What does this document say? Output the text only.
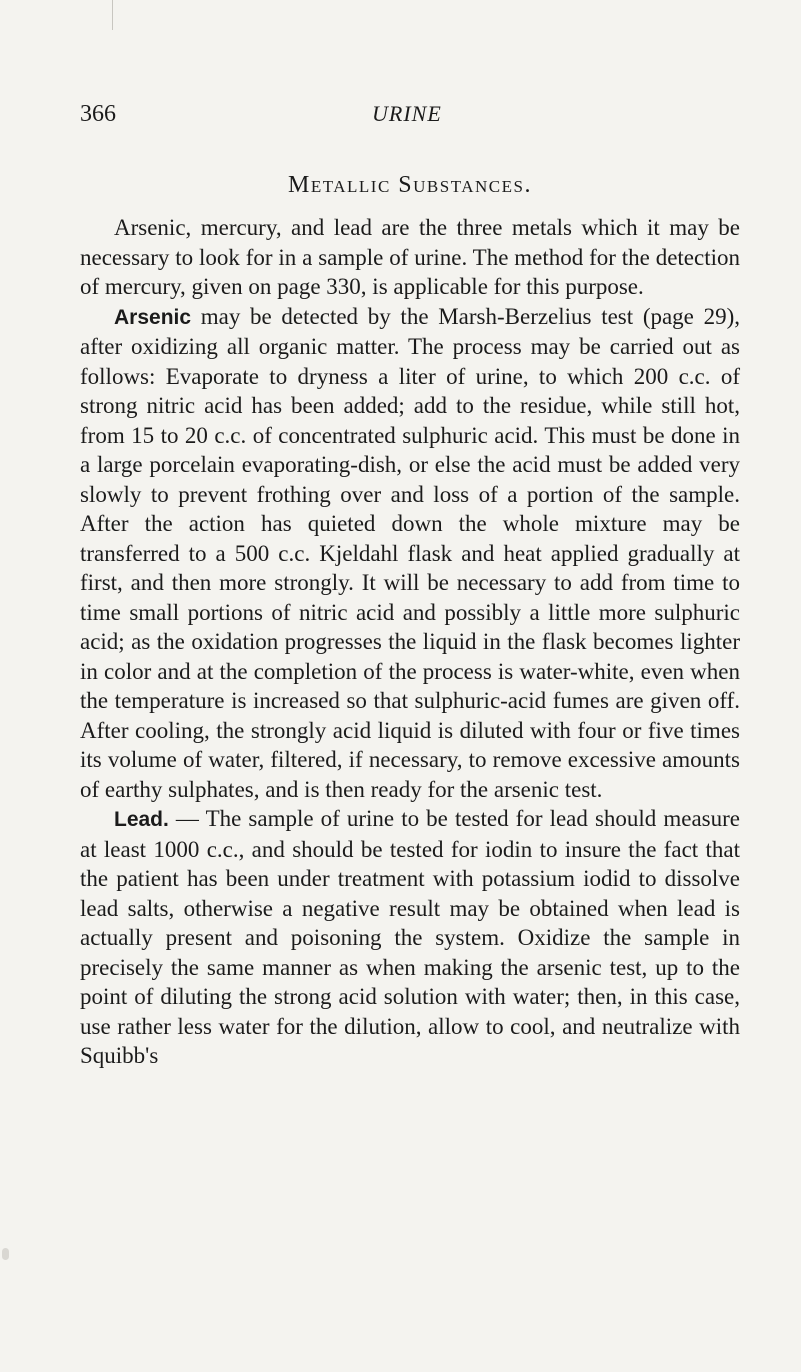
366	URINE
Metallic Substances.

Arsenic, mercury, and lead are the three metals which it may be necessary to look for in a sample of urine. The method for the detection of mercury, given on page 330, is applicable for this purpose.

Arsenic may be detected by the Marsh-Berzelius test (page 29), after oxidizing all organic matter. The process may be carried out as follows: Evaporate to dryness a liter of urine, to which 200 c.c. of strong nitric acid has been added; add to the residue, while still hot, from 15 to 20 c.c. of concentrated sulphuric acid. This must be done in a large porcelain evaporating-dish, or else the acid must be added very slowly to prevent frothing over and loss of a portion of the sample. After the action has quieted down the whole mixture may be transferred to a 500 c.c. Kjeldahl flask and heat applied gradually at first, and then more strongly. It will be necessary to add from time to time small portions of nitric acid and possibly a little more sulphuric acid; as the oxidation progresses the liquid in the flask becomes lighter in color and at the completion of the process is water-white, even when the temperature is increased so that sulphuric-acid fumes are given off. After cooling, the strongly acid liquid is diluted with four or five times its volume of water, filtered, if necessary, to remove excessive amounts of earthy sulphates, and is then ready for the arsenic test.

Lead. — The sample of urine to be tested for lead should measure at least 1000 c.c., and should be tested for iodin to insure the fact that the patient has been under treatment with potassium iodid to dissolve lead salts, otherwise a negative result may be obtained when lead is actually present and poisoning the system. Oxidize the sample in precisely the same manner as when making the arsenic test, up to the point of diluting the strong acid solution with water; then, in this case, use rather less water for the dilution, allow to cool, and neutralize with Squibb's
